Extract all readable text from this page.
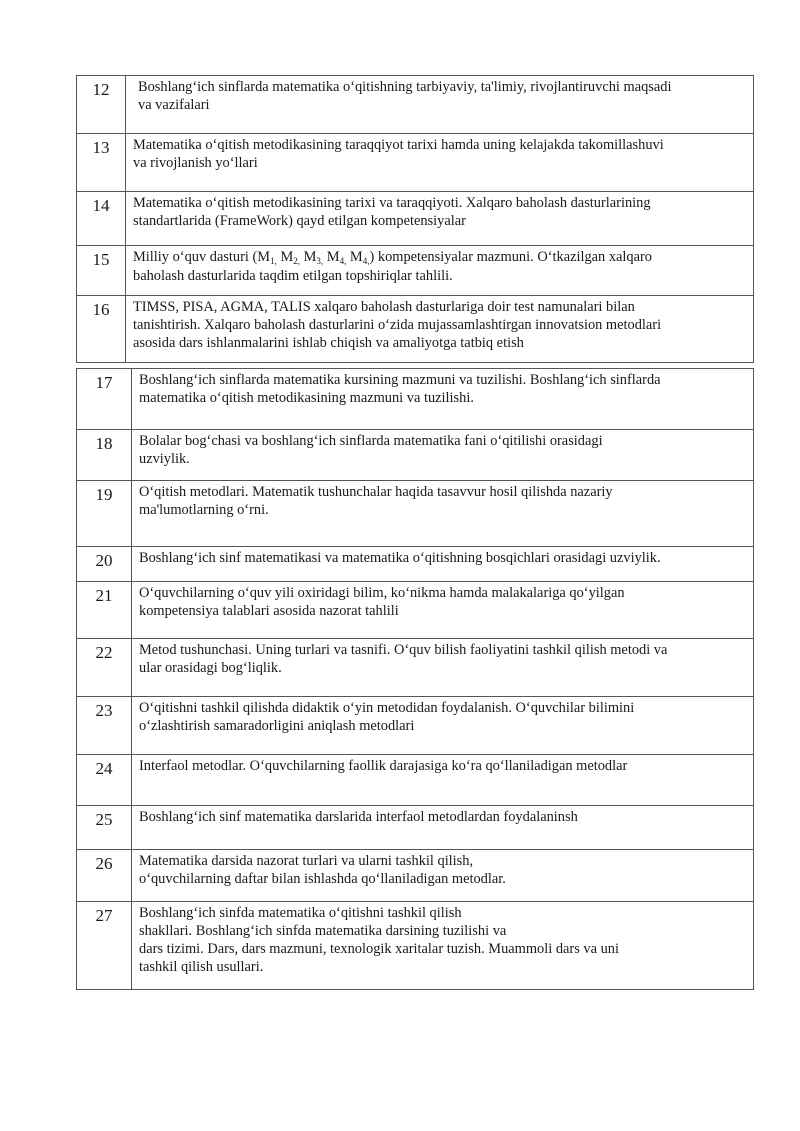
12	Boshlang‘ich sinflarda matematika o‘qitishning tarbiyaviy, ta'limiy, rivojlantiruvchi maqsadi
va vazifalari
13	Matematika o‘qitish metodikasining taraqqiyot tarixi hamda uning kelajakda takomillashuvi
va rivojlanish yo‘llari
14	Matematika o‘qitish metodikasining tarixi va taraqqiyoti. Xalqaro baholash dasturlarining
standartlarida (FrameWork) qayd etilgan kompetensiyalar
15	Milliy o‘quv dasturi ($M_{1,}$ $M_{2,}$ $M_{3,}$ $M_{4,}$ $M_{4,}$) kompetensiyalar mazmuni. O‘tkazilgan xalqaro
baholash dasturlarida taqdim etilgan topshiriqlar tahlili.
16	TIMSS, PISA, AGMA, TALIS xalqaro baholash dasturlariga doir test namunalari bilan
tanishtirish. Xalqaro baholash dasturlarini o‘zida mujassamlashtirgan innovatsion metodlari
asosida dars ishlanmalarini ishlab chiqish va amaliyotga tatbiq etish
17	Boshlang‘ich sinflarda matematika kursining mazmuni va tuzilishi. Boshlang‘ich sinflarda
matematika o‘qitish metodikasining mazmuni va tuzilishi.
18	Bolalar bog‘chasi va boshlang‘ich sinflarda matematika fani o‘qitilishi orasidagi
uzviylik.
19	O‘qitish metodlari. Matematik tushunchalar haqida tasavvur hosil qilishda nazariy
ma'lumotlarning o‘rni.
20	Boshlang‘ich sinf matematikasi va matematika o‘qitishning bosqichlari orasidagi uzviylik.
21	O‘quvchilarning o‘quv yili oxiridagi bilim, ko‘nikma hamda malakalariga qo‘yilgan
kompetensiya talablari asosida nazorat tahlili
22	Metod tushunchasi. Uning turlari va tasnifi. O‘quv bilish faoliyatini tashkil qilish metodi va
ular orasidagi bog‘liqlik.
23	O‘qitishni tashkil qilishda didaktik o‘yin metodidan foydalanish. O‘quvchilar bilimini
o‘zlashtirish samaradorligini aniqlash metodlari
24	Interfaol metodlar. O‘quvchilarning faollik darajasiga ko‘ra qo‘llaniladigan metodlar
25	Boshlang‘ich sinf matematika darslarida interfaol metodlardan foydalaninsh
26	Matematika darsida nazorat turlari va ularni tashkil qilish,
o‘quvchilarning daftar bilan ishlashda qo‘llaniladigan metodlar.
27	Boshlang‘ich sinfda matematika o‘qitishni tashkil qilish
shakllari. Boshlang‘ich sinfda matematika darsining tuzilishi va
dars tizimi. Dars, dars mazmuni, texnologik xaritalar tuzish. Muammoli dars va uni
tashkil qilish usullari.
